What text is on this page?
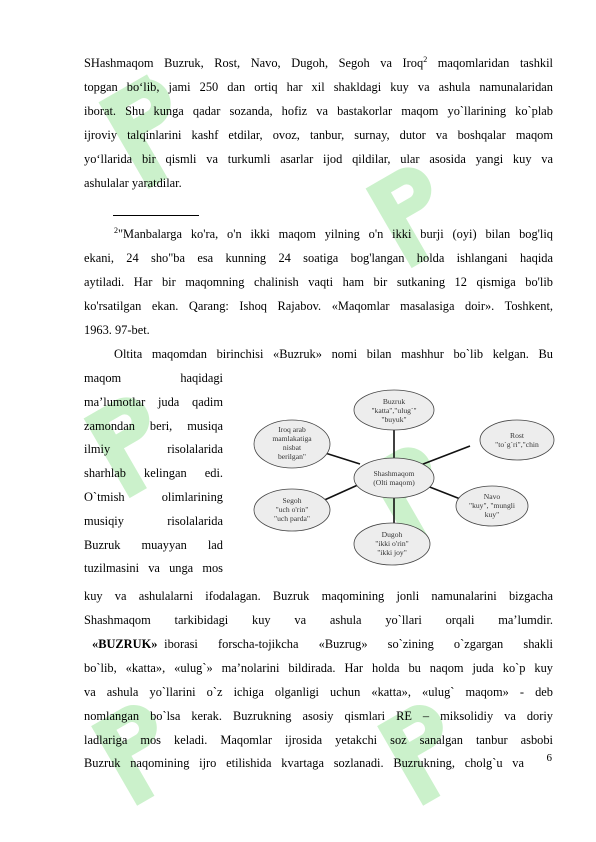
SHashmaqom Buzruk, Rost, Navo, Dugoh, Segoh va Iroq$^2$ maqomlaridan tashkil
topgan bo‘lib, jami 250 dan ortiq har xil shakldagi kuy va ashula namunalaridan
iborat. Shu kunga qadar sozanda, hofiz va bastakorlar maqom yo`llarining ko`plab
ijroviy talqinlarini kashf etdilar, ovoz, tanbur, surnay, dutor va boshqalar maqom
yo‘llarida bir qismli va turkumli asarlar ijod qildilar, ular asosida yangi kuy va
ashulalar yaratdilar.
$^2$"Manbalarga ko'ra, o'n ikki maqom yilning o'n ikki burji (oyi) bilan bog'liq
ekani, 24 sho"ba esa kunning 24 soatiga bog'langan holda ishlangani haqida
aytiladi. Har bir maqomning chalinish vaqti ham bir sutkaning 12 qismiga bo'lib
ko'rsatilgan ekan. Qarang: Ishoq Rajabov. «Maqomlar masalasiga doir». Toshkent,
1963. 97-bet.
Oltita maqomdan birinchisi «Buzruk» nomi bilan mashhur bo`lib kelgan. Bu
maqom                haqidagi
ma’lumotlar juda qadim
zamondan beri, musiqa
ilmiy              risolalarida
sharhlab kelingan edi.
O`tmish      olimlarining
musiqiy          risolalarida
Buzruk    muayyan    lad
tuzilmasini va unga mos
Buzruk
"katta","ulug`"
"buyuk"
Rost
"to`g`ri","chin
Navo
"kuy", "mungli
kuy"
Dugoh
"ikki o'rin"
"ikki joy"
Segoh
"uch o'rin"
"uch parda"
Iroq arab
mamlakatiga
nisbat
berilgan"
Shashmaqom
(Olti maqom)
kuy va ashulalarni ifodalagan. Buzruk maqomining jonli namunalarini bizgacha
Shashmaqom      tarkibidagi      kuy      va      ashula      yo`llari      orqali      ma’lumdir.
«BUZRUK» iborasi   forscha-tojikcha   «Buzrug»   so`zining   o`zgargan   shakli
bo`lib, «katta», «ulug`» ma’nolarini bildirada. Har holda bu naqom juda ko`p kuy
va ashula yo`llarini o`z ichiga olganligi uchun «katta», «ulug` maqom» - deb
nomlangan bo`lsa kerak. Buzrukning asosiy qismlari RE – miksolidiy va doriy
ladlariga mos keladi. Maqomlar ijrosida yetakchi soz sanalgan tanbur asbobi
Buzruk naqomining ijro etilishida kvartaga sozlanadi. Buzrukning, cholg`u va 6
